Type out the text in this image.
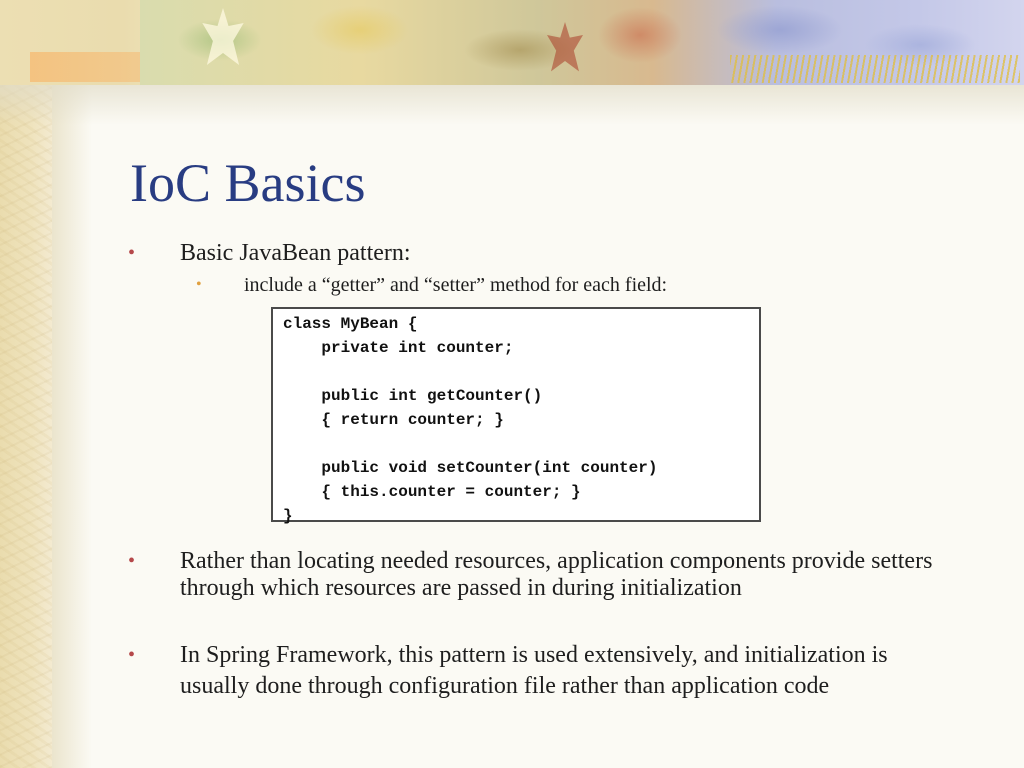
IoC Basics
• Basic JavaBean pattern:
• include a “getter” and “setter” method for each field:
class MyBean {
private int counter;

public int getCounter()
{ return counter; }

public void setCounter(int counter)
{ this.counter = counter; }
}
• Rather than locating needed resources, application components provide setters through which resources are passed in during initialization
• In Spring Framework, this pattern is used extensively, and initialization is usually done through configuration file rather than application code
